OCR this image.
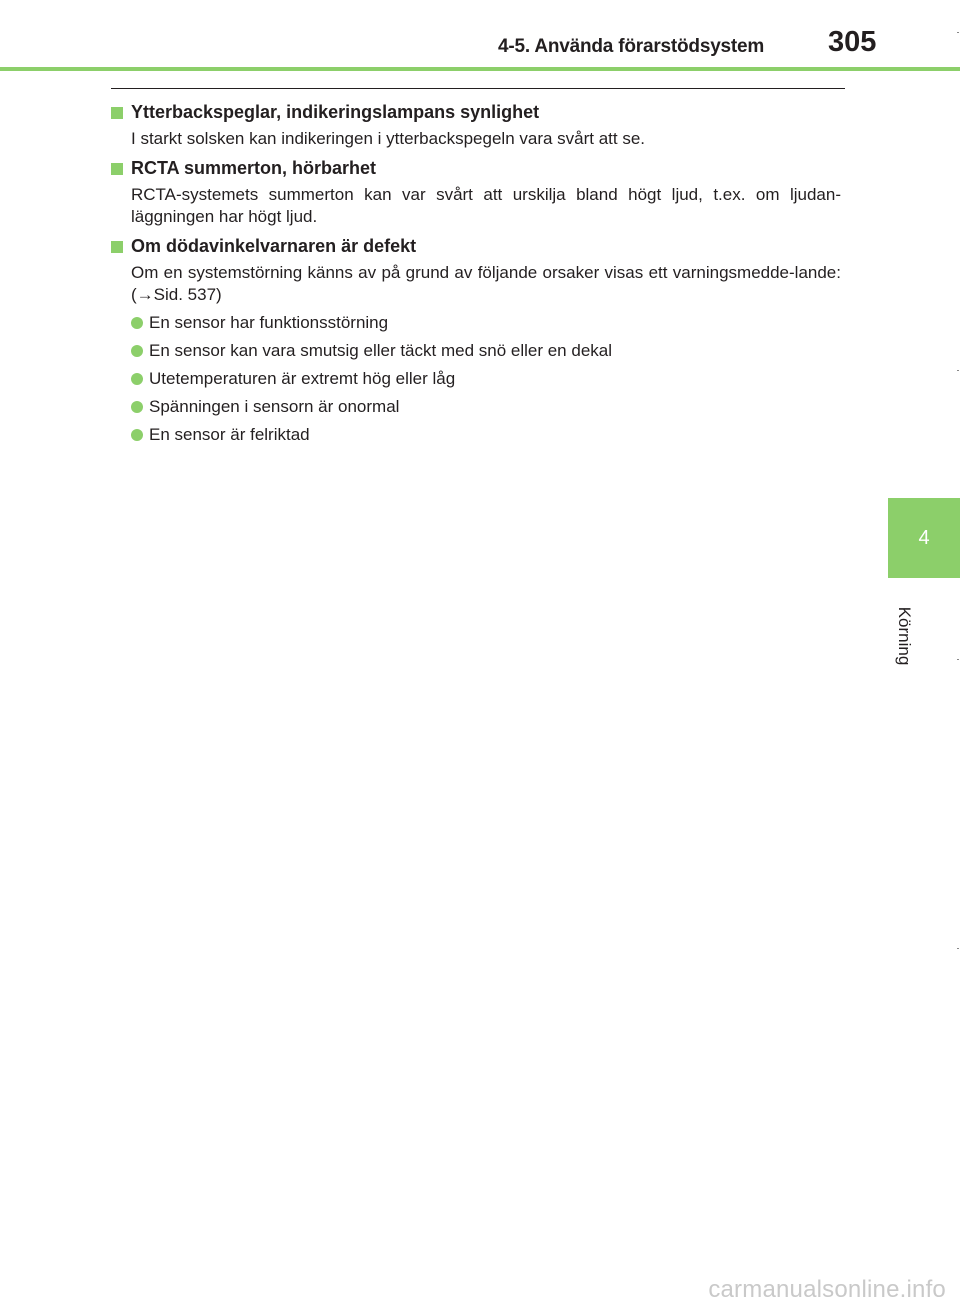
4-5. Använda förarstödsystem 305
Ytterbackspeglar, indikeringslampans synlighet
I starkt solsken kan indikeringen i ytterbackspegeln vara svårt att se.
RCTA summerton, hörbarhet
RCTA-systemets summerton kan var svårt att urskilja bland högt ljud, t.ex. om ljudan-läggningen har högt ljud.
Om dödavinkelvarnaren är defekt
Om en systemstörning känns av på grund av följande orsaker visas ett varningsmedde-lande: (→Sid. 537)
En sensor har funktionsstörning
En sensor kan vara smutsig eller täckt med snö eller en dekal
Utetemperaturen är extremt hög eller låg
Spänningen i sensorn är onormal
En sensor är felriktad
4
Körning
carmanualsonline.info
